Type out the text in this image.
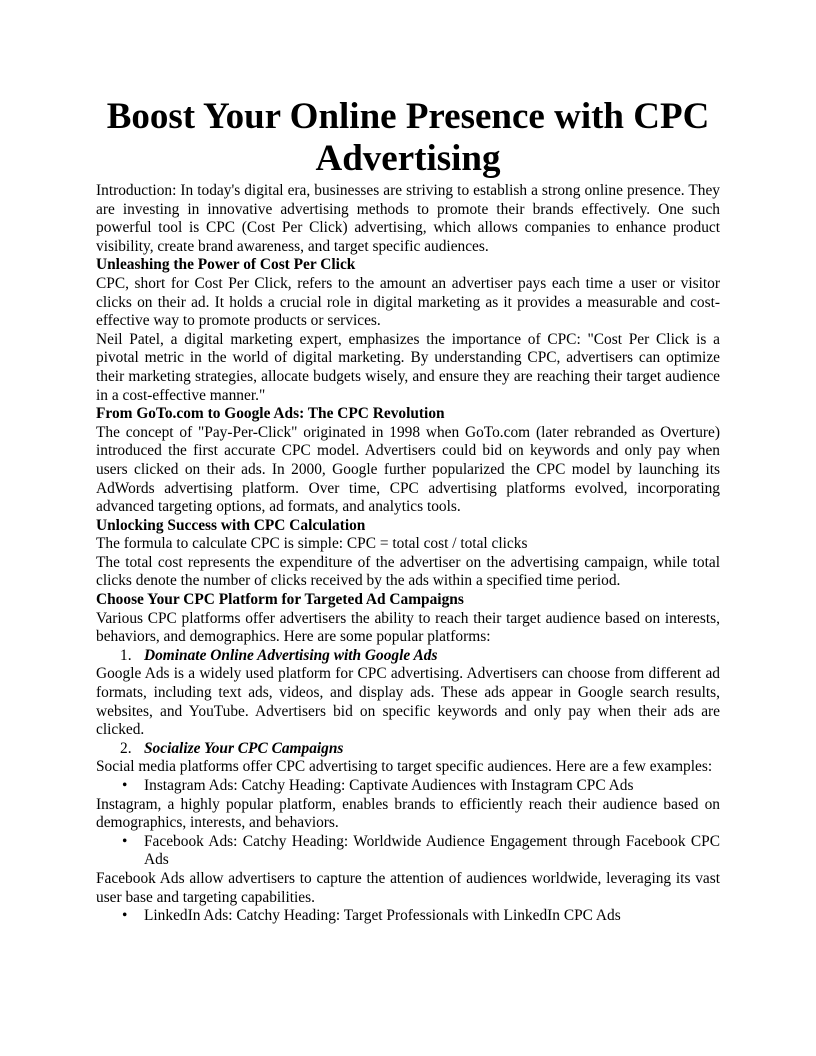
Boost Your Online Presence with CPC Advertising

Introduction: In today's digital era, businesses are striving to establish a strong online presence. They are investing in innovative advertising methods to promote their brands effectively. One such powerful tool is CPC (Cost Per Click) advertising, which allows companies to enhance product visibility, create brand awareness, and target specific audiences.

Unleashing the Power of Cost Per Click

CPC, short for Cost Per Click, refers to the amount an advertiser pays each time a user or visitor clicks on their ad. It holds a crucial role in digital marketing as it provides a measurable and cost-effective way to promote products or services.

Neil Patel, a digital marketing expert, emphasizes the importance of CPC: "Cost Per Click is a pivotal metric in the world of digital marketing. By understanding CPC, advertisers can optimize their marketing strategies, allocate budgets wisely, and ensure they are reaching their target audience in a cost-effective manner."

From GoTo.com to Google Ads: The CPC Revolution

The concept of "Pay-Per-Click" originated in 1998 when GoTo.com (later rebranded as Overture) introduced the first accurate CPC model. Advertisers could bid on keywords and only pay when users clicked on their ads. In 2000, Google further popularized the CPC model by launching its AdWords advertising platform. Over time, CPC advertising platforms evolved, incorporating advanced targeting options, ad formats, and analytics tools.

Unlocking Success with CPC Calculation

The formula to calculate CPC is simple: CPC = total cost / total clicks

The total cost represents the expenditure of the advertiser on the advertising campaign, while total clicks denote the number of clicks received by the ads within a specified time period.

Choose Your CPC Platform for Targeted Ad Campaigns

Various CPC platforms offer advertisers the ability to reach their target audience based on interests, behaviors, and demographics. Here are some popular platforms:

1. Dominate Online Advertising with Google Ads

Google Ads is a widely used platform for CPC advertising. Advertisers can choose from different ad formats, including text ads, videos, and display ads. These ads appear in Google search results, websites, and YouTube. Advertisers bid on specific keywords and only pay when their ads are clicked.

2. Socialize Your CPC Campaigns

Social media platforms offer CPC advertising to target specific audiences. Here are a few examples:

• Instagram Ads: Catchy Heading: Captivate Audiences with Instagram CPC Ads

Instagram, a highly popular platform, enables brands to efficiently reach their audience based on demographics, interests, and behaviors.

• Facebook Ads: Catchy Heading: Worldwide Audience Engagement through Facebook CPC Ads

Facebook Ads allow advertisers to capture the attention of audiences worldwide, leveraging its vast user base and targeting capabilities.

• LinkedIn Ads: Catchy Heading: Target Professionals with LinkedIn CPC Ads
